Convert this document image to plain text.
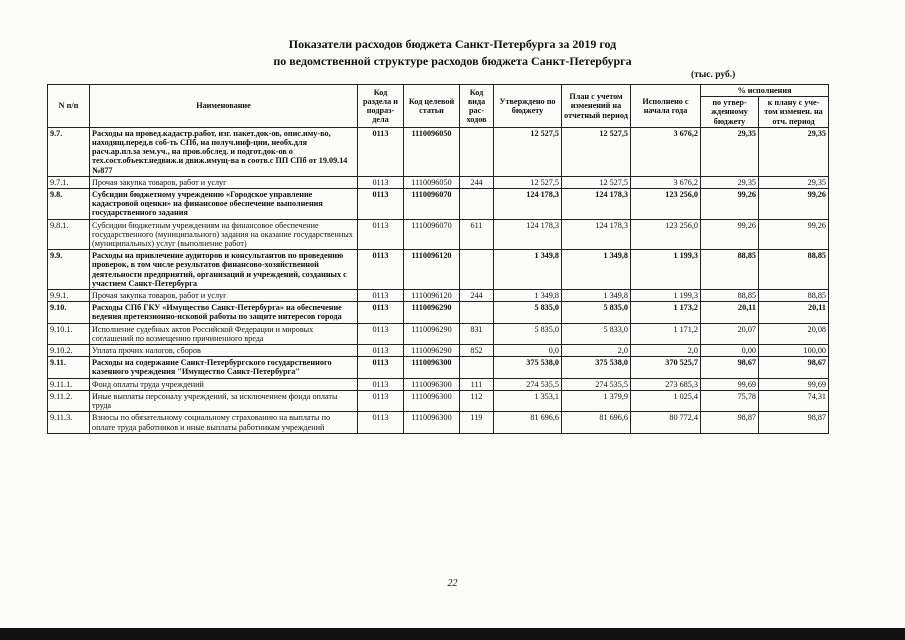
Показатели расходов бюджета Санкт-Петербурга за 2019 год
по ведомственной структуре расходов бюджета Санкт-Петербурга
(тыс. руб.)
N п/п	Наименование	Код раздела и подраз-дела	Код целевой статьи	Код вида рас-ходов	Утверждено по бюджету	План с учетом изменений на отчетный период	Исполнено с начала года	% исполнения	
								по утвер-жденному бюджету	к плану с уче-том изменен. на отч. период
9.7.	Расходы на провед.кадастр.работ, изг. пакет.док-ов, опис.иму-во, находящ.перед.в соб-ть СПб, на получ.инф-ции, необх.для расч.ар.пл.за зем.уч., на пров.обслед. и подгот.док-ов о тех.сост.объект.недвиж.и движ.имущ-ва в соотв.с ПП СПб от 19.09.14 №877	0113	1110096050		12 527,5	12 527,5	3 676,2	29,35	29,35
9.7.1.	Прочая закупка товаров, работ и услуг	0113	1110096050	244	12 527,5	12 527,5	3 676,2	29,35	29,35
9.8.	Субсидии бюджетному учреждению «Городское управление кадастровой оценки» на финансовое обеспечение выполнения государственного задания	0113	1110096070		124 178,3	124 178,3	123 256,0	99,26	99,26
9.8.1.	Субсидии бюджетным учреждениям на финансовое обеспечение государственного (муниципального) задания на оказание государственных (муниципальных) услуг (выполнение работ)	0113	1110096070	611	124 178,3	124 178,3	123 256,0	99,26	99,26
9.9.	Расходы на привлечение аудиторов и консультантов по проведению проверок, в том числе результатов финансово-хозяйственной деятельности предприятий, организаций и учреждений, созданных с участием Санкт-Петербурга	0113	1110096120		1 349,8	1 349,8	1 199,3	88,85	88,85
9.9.1.	Прочая закупка товаров, работ и услуг	0113	1110096120	244	1 349,8	1 349,8	1 199,3	88,85	88,85
9.10.	Расходы СПб ГКУ «Имущество Санкт-Петербурга» на обеспечение ведения претензионно-исковой работы по защите интересов города	0113	1110096290		5 835,0	5 835,0	1 173,2	20,11	20,11
9.10.1.	Исполнение судебных актов Российской Федерации и мировых соглашений по возмещению причиненного вреда	0113	1110096290	831	5 835,0	5 833,0	1 171,2	20,07	20,08
9.10.2.	Уплата прочих налогов, сборов	0113	1110096290	852	0,0	2,0	2,0	0,00	100,00
9.11.	Расходы на содержание Санкт-Петербургского государственного казенного учреждения "Имущество Санкт-Петербурга"	0113	1110096300		375 538,0	375 538,0	370 525,7	98,67	98,67
9.11.1.	Фонд оплаты труда учреждений	0113	1110096300	111	274 535,5	274 535,5	273 685,3	99,69	99,69
9.11.2.	Иные выплаты персоналу учреждений, за исключением фонда оплаты труда	0113	1110096300	112	1 353,1	1 379,9	1 025,4	75,78	74,31
9.11.3.	Взносы по обязательному социальному страхованию на выплаты по оплате труда работников и иные выплаты работникам учреждений	0113	1110096300	119	81 696,6	81 696,6	80 772,4	98,87	98,87
22
